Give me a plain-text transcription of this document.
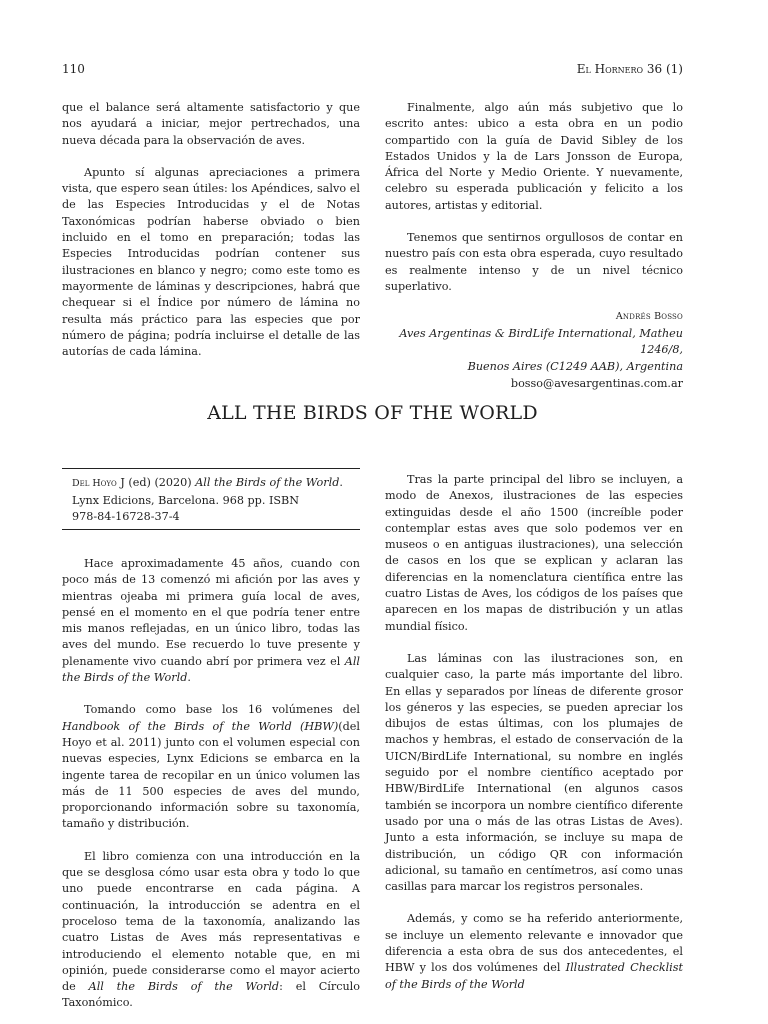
110	El Hornero 36 (1)

que el balance será altamente satisfactorio y que nos ayudará a iniciar, mejor pertrechados, una nueva década para la observación de aves.

Apunto sí algunas apreciaciones a primera vista, que espero sean útiles: los Apéndices, salvo el de las Especies Introducidas y el de Notas Taxonómicas podrían haberse obviado o bien incluido en el tomo en preparación; todas las Especies Introducidas podrían contener sus ilustraciones en blanco y negro; como este tomo es mayormente de láminas y descripciones, habrá que chequear si el Índice por número de lámina no resulta más práctico para las especies que por número de página; podría incluirse el detalle de las autorías de cada lámina.

Finalmente, algo aún más subjetivo que lo escrito antes: ubico a esta obra en un podio compartido con la guía de David Sibley de los Estados Unidos y la de Lars Jonsson de Europa, África del Norte y Medio Oriente. Y nuevamente, celebro su esperada publicación y felicito a los autores, artistas y editorial.

Tenemos que sentirnos orgullosos de contar en nuestro país con esta obra esperada, cuyo resultado es realmente intenso y de un nivel técnico superlativo.

Andrés Bosso
Aves Argentinas & BirdLife International, Matheu 1246/8,
Buenos Aires (C1249 AAB), Argentina
bosso@avesargentinas.com.ar
ALL THE BIRDS OF THE WORLD
Del Hoyo J (ed) (2020) All the Birds of the World.
Lynx Edicions, Barcelona. 968 pp. ISBN
978-84-16728-37-4

Hace aproximadamente 45 años, cuando con poco más de 13 comenzó mi afición por las aves y mientras ojeaba mi primera guía local de aves, pensé en el momento en el que podría tener entre mis manos reflejadas, en un único libro, todas las aves del mundo. Ese recuerdo lo tuve presente y plenamente vivo cuando abrí por primera vez el All the Birds of the World.

Tomando como base los 16 volúmenes del Handbook of the Birds of the World (HBW)(del Hoyo et al. 2011) junto con el volumen especial con nuevas especies, Lynx Edicions se embarca en la ingente tarea de recopilar en un único volumen las más de 11 500 especies de aves del mundo, proporcionando información sobre su taxonomía, tamaño y distribución.

El libro comienza con una introducción en la que se desglosa cómo usar esta obra y todo lo que uno puede encontrarse en cada página. A continuación, la introducción se adentra en el proceloso tema de la taxonomía, analizando las cuatro Listas de Aves más representativas e introduciendo el elemento notable que, en mi opinión, puede considerarse como el mayor acierto de All the Birds of the World: el Círculo Taxonómico.

Tras la parte principal del libro se incluyen, a modo de Anexos, ilustraciones de las especies extinguidas desde el año 1500 (increíble poder contemplar estas aves que solo podemos ver en museos o en antiguas ilustraciones), una selección de casos en los que se explican y aclaran las diferencias en la nomenclatura científica entre las cuatro Listas de Aves, los códigos de los países que aparecen en los mapas de distribución y un atlas mundial físico.

Las láminas con las ilustraciones son, en cualquier caso, la parte más importante del libro. En ellas y separados por líneas de diferente grosor los géneros y las especies, se pueden apreciar los dibujos de estas últimas, con los plumajes de machos y hembras, el estado de conservación de la UICN/BirdLife International, su nombre en inglés seguido por el nombre científico aceptado por HBW/BirdLife International (en algunos casos también se incorpora un nombre científico diferente usado por una o más de las otras Listas de Aves). Junto a esta información, se incluye su mapa de distribución, un código QR con información adicional, su tamaño en centímetros, así como unas casillas para marcar los registros personales.

Además, y como se ha referido anteriormente, se incluye un elemento relevante e innovador que diferencia a esta obra de sus dos antecedentes, el HBW y los dos volúmenes del Illustrated Checklist of the Birds of the World
